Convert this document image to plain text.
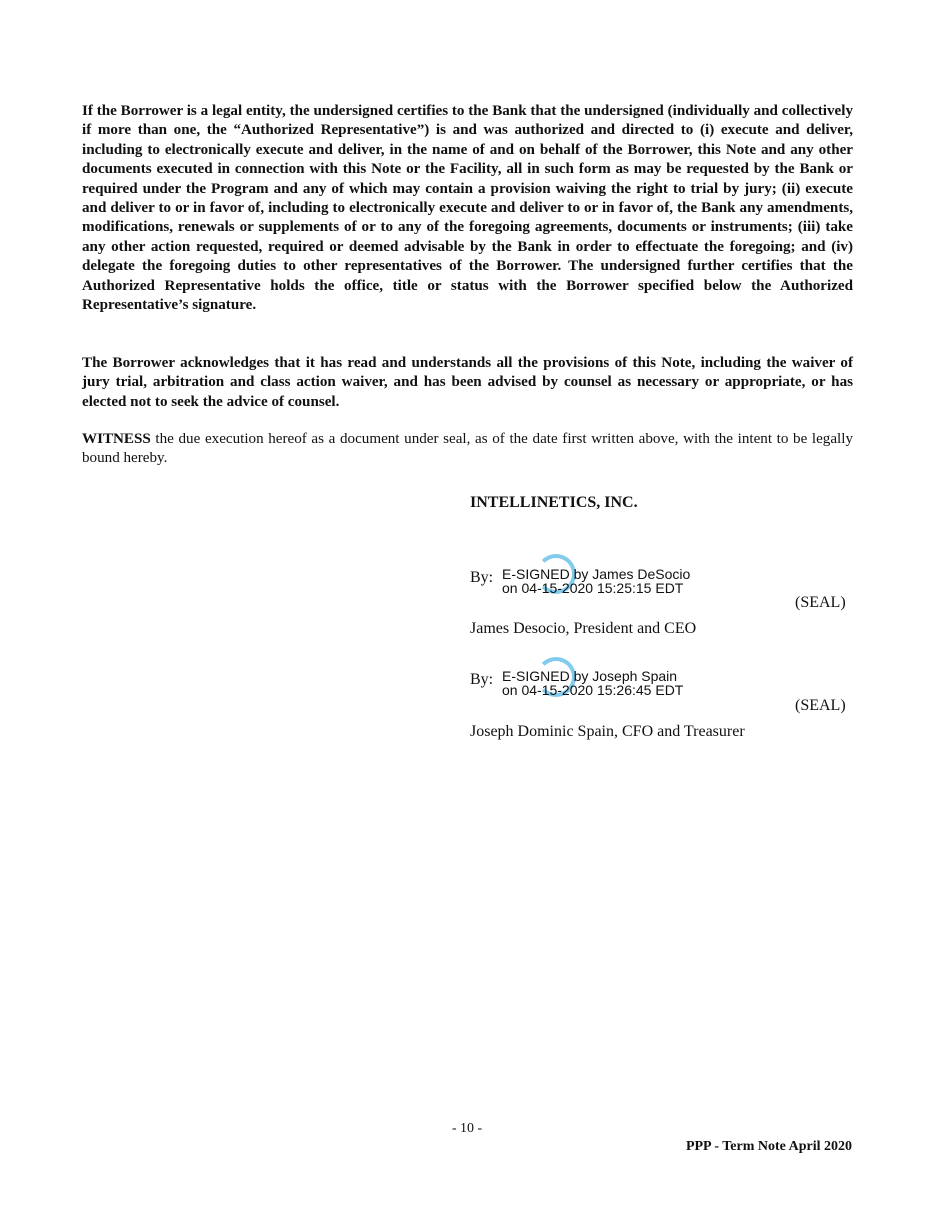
If the Borrower is a legal entity, the undersigned certifies to the Bank that the undersigned (individually and collectively if more than one, the “Authorized Representative”) is and was authorized and directed to (i) execute and deliver, including to electronically execute and deliver, in the name of and on behalf of the Borrower, this Note and any other documents executed in connection with this Note or the Facility, all in such form as may be requested by the Bank or required under the Program and any of which may contain a provision waiving the right to trial by jury; (ii) execute and deliver to or in favor of, including to electronically execute and deliver to or in favor of, the Bank any amendments, modifications, renewals or supplements of or to any of the foregoing agreements, documents or instruments; (iii) take any other action requested, required or deemed advisable by the Bank in order to effectuate the foregoing; and (iv) delegate the foregoing duties to other representatives of the Borrower. The undersigned further certifies that the Authorized Representative holds the office, title or status with the Borrower specified below the Authorized Representative’s signature.

The Borrower acknowledges that it has read and understands all the provisions of this Note, including the waiver of jury trial, arbitration and class action waiver, and has been advised by counsel as necessary or appropriate, or has elected not to seek the advice of counsel.

WITNESS the due execution hereof as a document under seal, as of the date first written above, with the intent to be legally bound hereby.

INTELLINETICS, INC.
By: E-SIGNED by James DeSocio
on 04-15-2020 15:25:15 EDT
(SEAL)
James Desocio, President and CEO
By: E-SIGNED by Joseph Spain
on 04-15-2020 15:26:45 EDT
(SEAL)
Joseph Dominic Spain, CFO and Treasurer
- 10 -
PPP - Term Note April 2020
